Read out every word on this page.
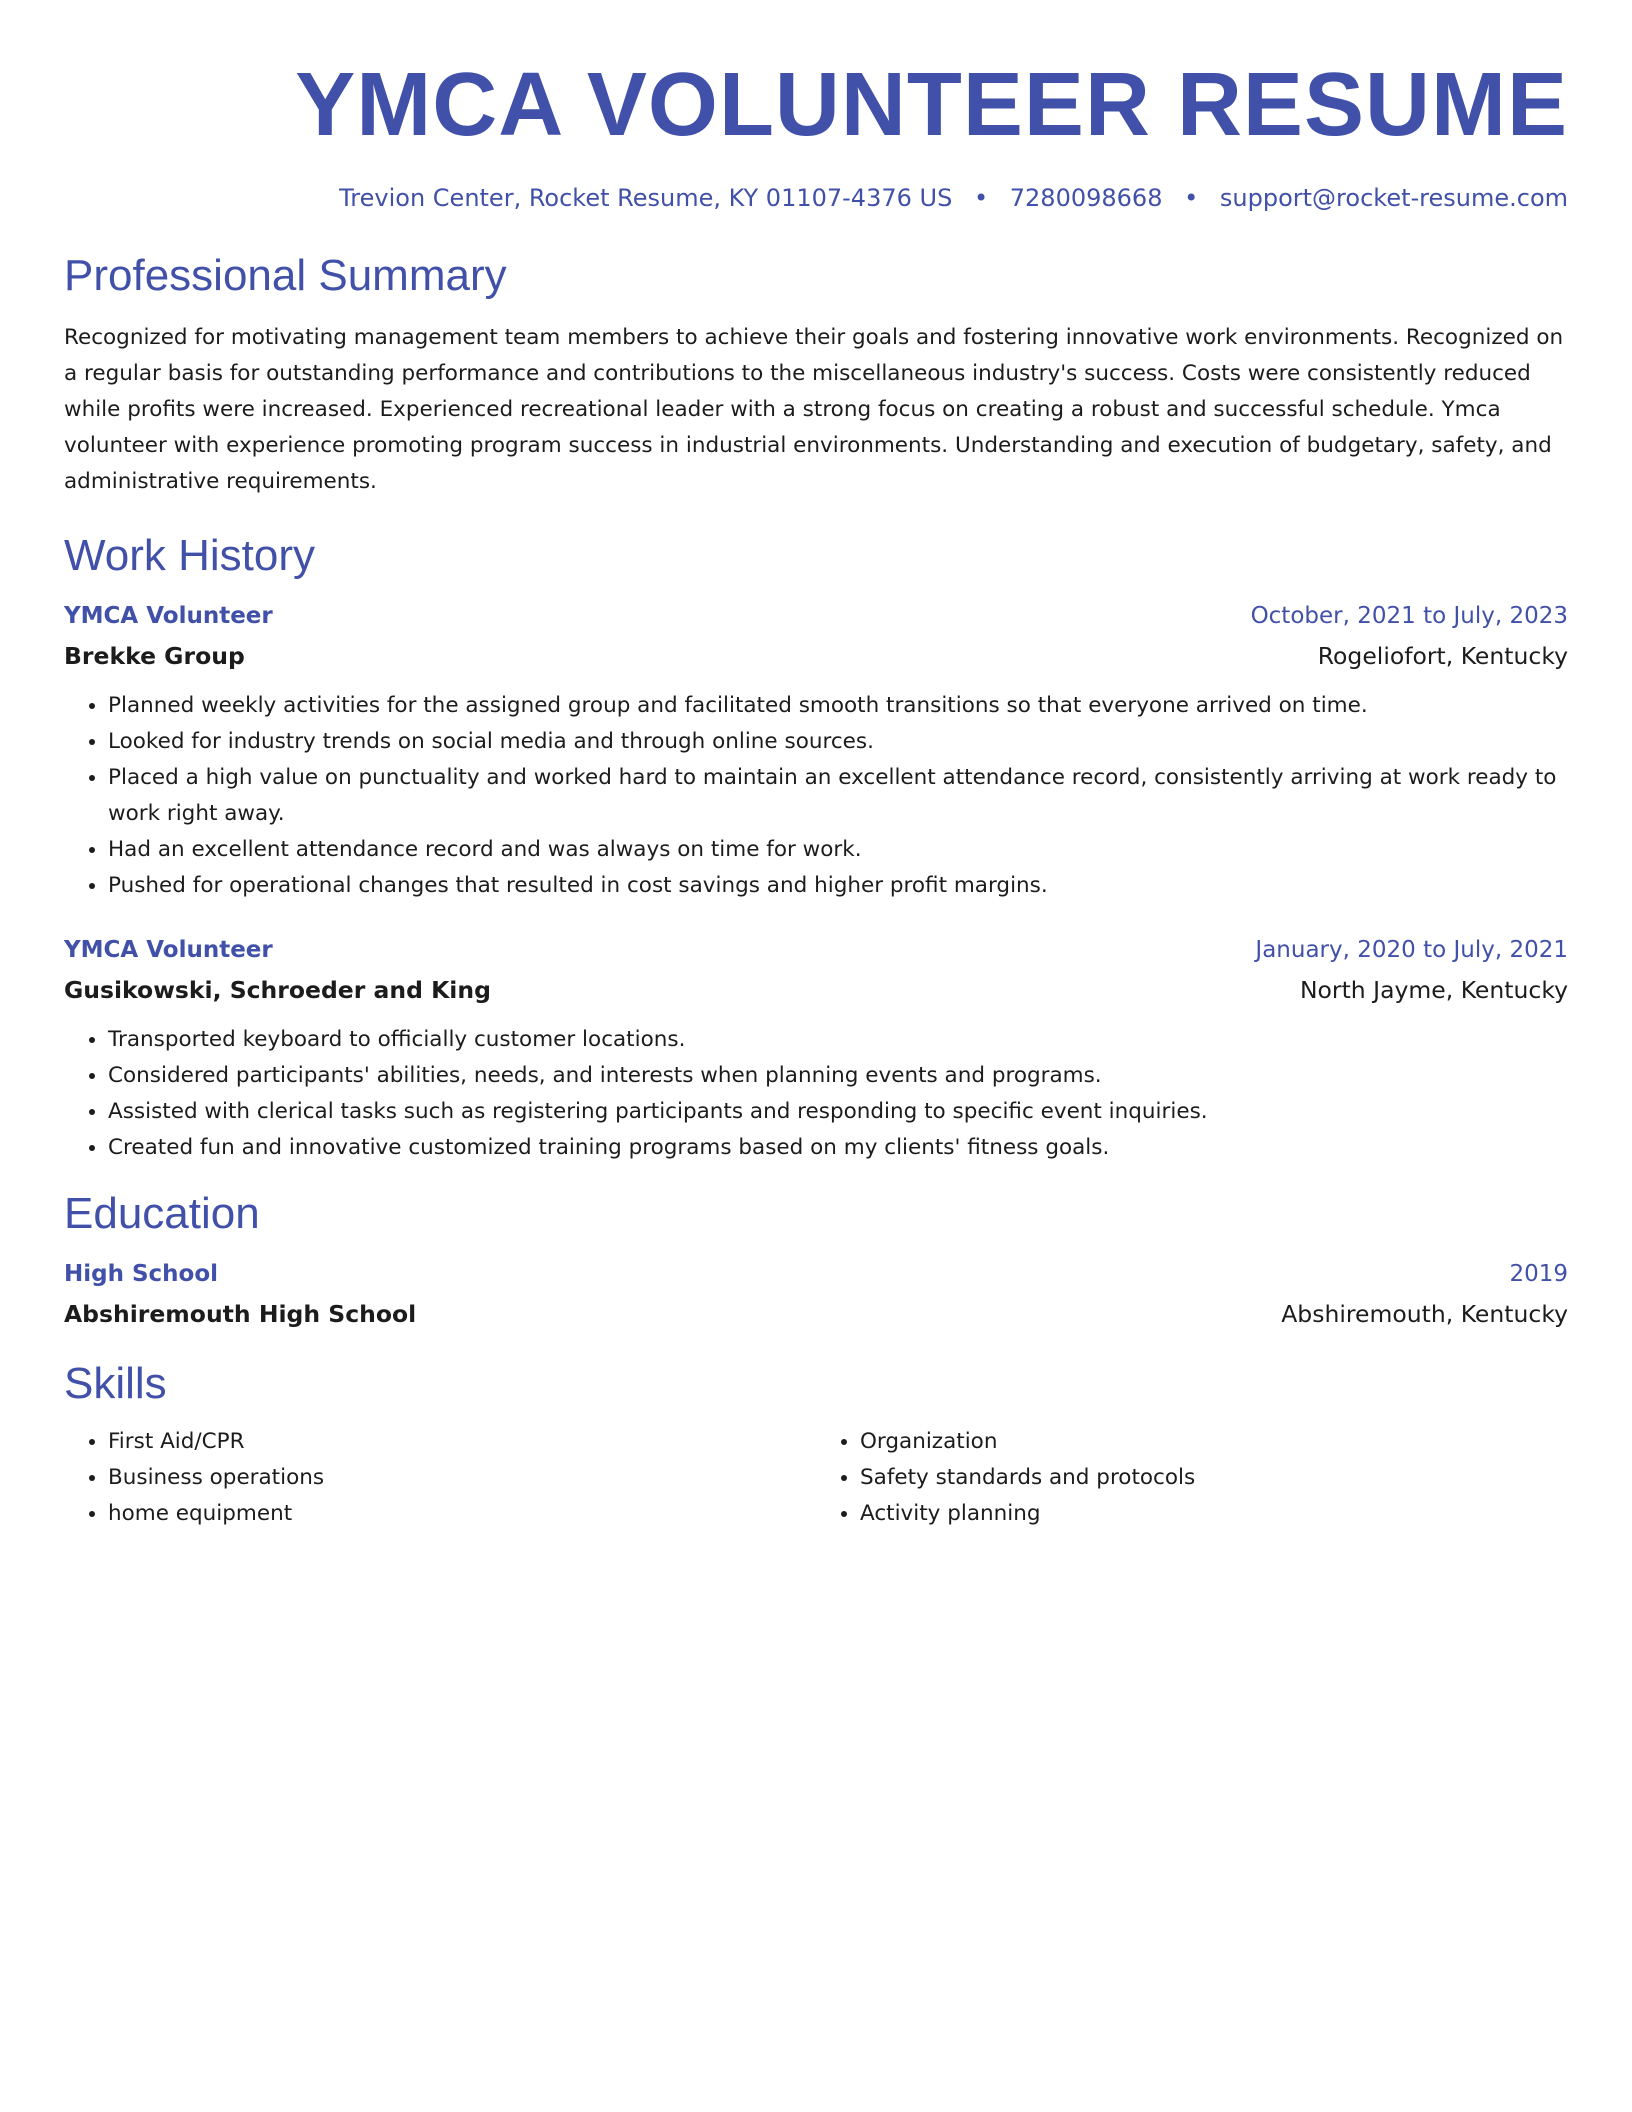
YMCA VOLUNTEER RESUME
Trevion Center, Rocket Resume, KY 01107-4376 US • 7280098668 • support@rocket-resume.com
Professional Summary

Recognized for motivating management team members to achieve their goals and fostering innovative work environments. Recognized on a regular basis for outstanding performance and contributions to the miscellaneous industry's success. Costs were consistently reduced while profits were increased. Experienced recreational leader with a strong focus on creating a robust and successful schedule. Ymca volunteer with experience promoting program success in industrial environments. Understanding and execution of budgetary, safety, and administrative requirements.

Work History
YMCA Volunteer	October, 2021 to July, 2023
Brekke Group	Rogeliofort, Kentucky
• Planned weekly activities for the assigned group and facilitated smooth transitions so that everyone arrived on time.
• Looked for industry trends on social media and through online sources.
• Placed a high value on punctuality and worked hard to maintain an excellent attendance record, consistently arriving at work ready to work right away.
• Had an excellent attendance record and was always on time for work.
• Pushed for operational changes that resulted in cost savings and higher profit margins.
YMCA Volunteer	January, 2020 to July, 2021
Gusikowski, Schroeder and King	North Jayme, Kentucky
• Transported keyboard to officially customer locations.
• Considered participants' abilities, needs, and interests when planning events and programs.
• Assisted with clerical tasks such as registering participants and responding to specific event inquiries.
• Created fun and innovative customized training programs based on my clients' fitness goals.
Education
High School	2019
Abshiremouth High School	Abshiremouth, Kentucky
Skills
• First Aid/CPR
• Business operations
• home equipment
• Organization
• Safety standards and protocols
• Activity planning
